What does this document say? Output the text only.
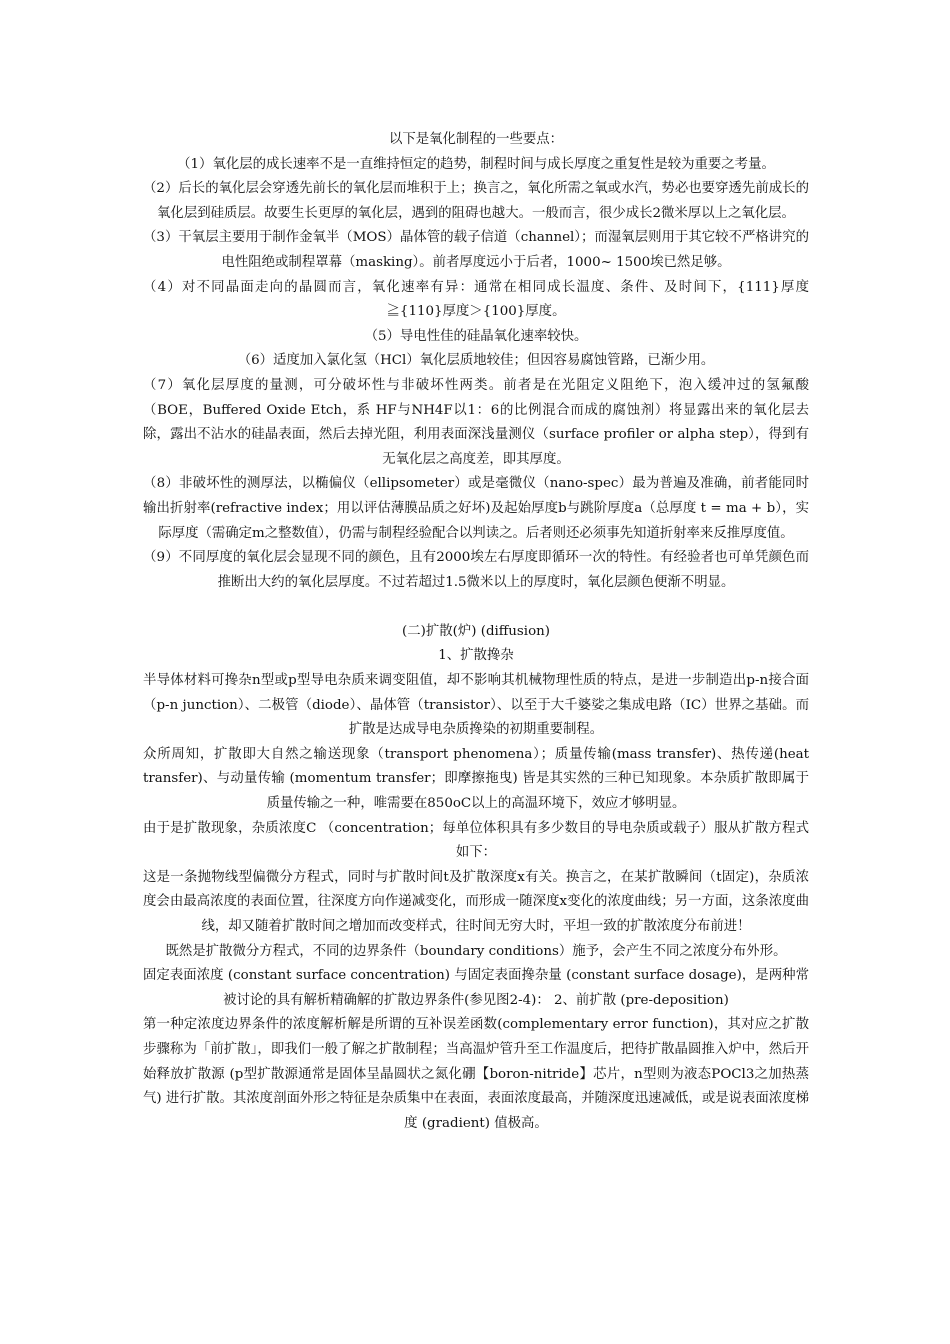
以下是氧化制程的一些要点：

（1）氧化层的成长速率不是一直维持恒定的趋势，制程时间与成长厚度之重复性是较为重要之考量。

（2）后长的氧化层会穿透先前长的氧化层而堆积于上；换言之，氧化所需之氧或水汽，势必也要穿透先前成长的氧化层到硅质层。故要生长更厚的氧化层，遇到的阻碍也越大。一般而言，很少成长2微米厚以上之氧化层。

（3）干氧层主要用于制作金氧半（MOS）晶体管的载子信道（channel）；而湿氧层则用于其它较不严格讲究的电性阻绝或制程罩幕（masking）。前者厚度远小于后者，1000~ 1500埃已然足够。

（4）对不同晶面走向的晶圆而言，氧化速率有异：通常在相同成长温度、条件、及时间下，{111}厚度≧{110}厚度＞{100}厚度。

（5）导电性佳的硅晶氧化速率较快。

（6）适度加入氯化氢（HCl）氧化层质地较佳；但因容易腐蚀管路，已渐少用。

（7）氧化层厚度的量测，可分破坏性与非破坏性两类。前者是在光阻定义阻绝下，泡入缓冲过的氢氟酸（BOE，Buffered Oxide Etch，系 HF与NH4F以1：6的比例混合而成的腐蚀剂）将显露出来的氧化层去除，露出不沾水的硅晶表面，然后去掉光阻，利用表面深浅量测仪（surface profiler or alpha step），得到有无氧化层之高度差，即其厚度。

（8）非破坏性的测厚法，以椭偏仪（ellipsometer）或是毫微仪（nano-spec）最为普遍及准确，前者能同时输出折射率(refractive index；用以评估薄膜品质之好坏)及起始厚度b与跳阶厚度a（总厚度 t = ma + b），实际厚度（需确定m之整数值），仍需与制程经验配合以判读之。后者则还必须事先知道折射率来反推厚度值。

（9）不同厚度的氧化层会显现不同的颜色，且有2000埃左右厚度即循环一次的特性。有经验者也可单凭颜色而推断出大约的氧化层厚度。不过若超过1.5微米以上的厚度时，氧化层颜色便渐不明显。

(二)扩散(炉) (diffusion)

1、扩散搀杂

半导体材料可搀杂n型或p型导电杂质来调变阻值，却不影响其机械物理性质的特点，是进一步制造出p-n接合面（p-n junction）、二极管（diode）、晶体管（transistor）、以至于大千婆娑之集成电路（IC）世界之基础。而扩散是达成导电杂质搀染的初期重要制程。

众所周知，扩散即大自然之输送现象（transport phenomena）；质量传输(mass transfer)、热传递(heat transfer)、与动量传输 (momentum transfer；即摩擦拖曳) 皆是其实然的三种已知现象。本杂质扩散即属于质量传输之一种，唯需要在850oC以上的高温环境下，效应才够明显。

由于是扩散现象，杂质浓度C （concentration；每单位体积具有多少数目的导电杂质或载子）服从扩散方程式如下：

这是一条抛物线型偏微分方程式，同时与扩散时间t及扩散深度x有关。换言之，在某扩散瞬间（t固定)，杂质浓度会由最高浓度的表面位置，往深度方向作递减变化，而形成一随深度x变化的浓度曲线；另一方面，这条浓度曲线，却又随着扩散时间之增加而改变样式，往时间无穷大时，平坦一致的扩散浓度分布前进！

既然是扩散微分方程式，不同的边界条件（boundary conditions）施予，会产生不同之浓度分布外形。

固定表面浓度 (constant surface concentration) 与固定表面搀杂量 (constant surface dosage)，是两种常被讨论的具有解析精确解的扩散边界条件(参见图2-4)： 2、前扩散 (pre-deposition)

第一种定浓度边界条件的浓度解析解是所谓的互补误差函数(complementary error function)，其对应之扩散步骤称为「前扩散」，即我们一般了解之扩散制程；当高温炉管升至工作温度后，把待扩散晶圆推入炉中，然后开始释放扩散源 (p型扩散源通常是固体呈晶圆状之氮化硼【boron-nitride】芯片，n型则为液态POCl3之加热蒸气) 进行扩散。其浓度剖面外形之特征是杂质集中在表面，表面浓度最高，并随深度迅速减低，或是说表面浓度梯度 (gradient) 值极高。
